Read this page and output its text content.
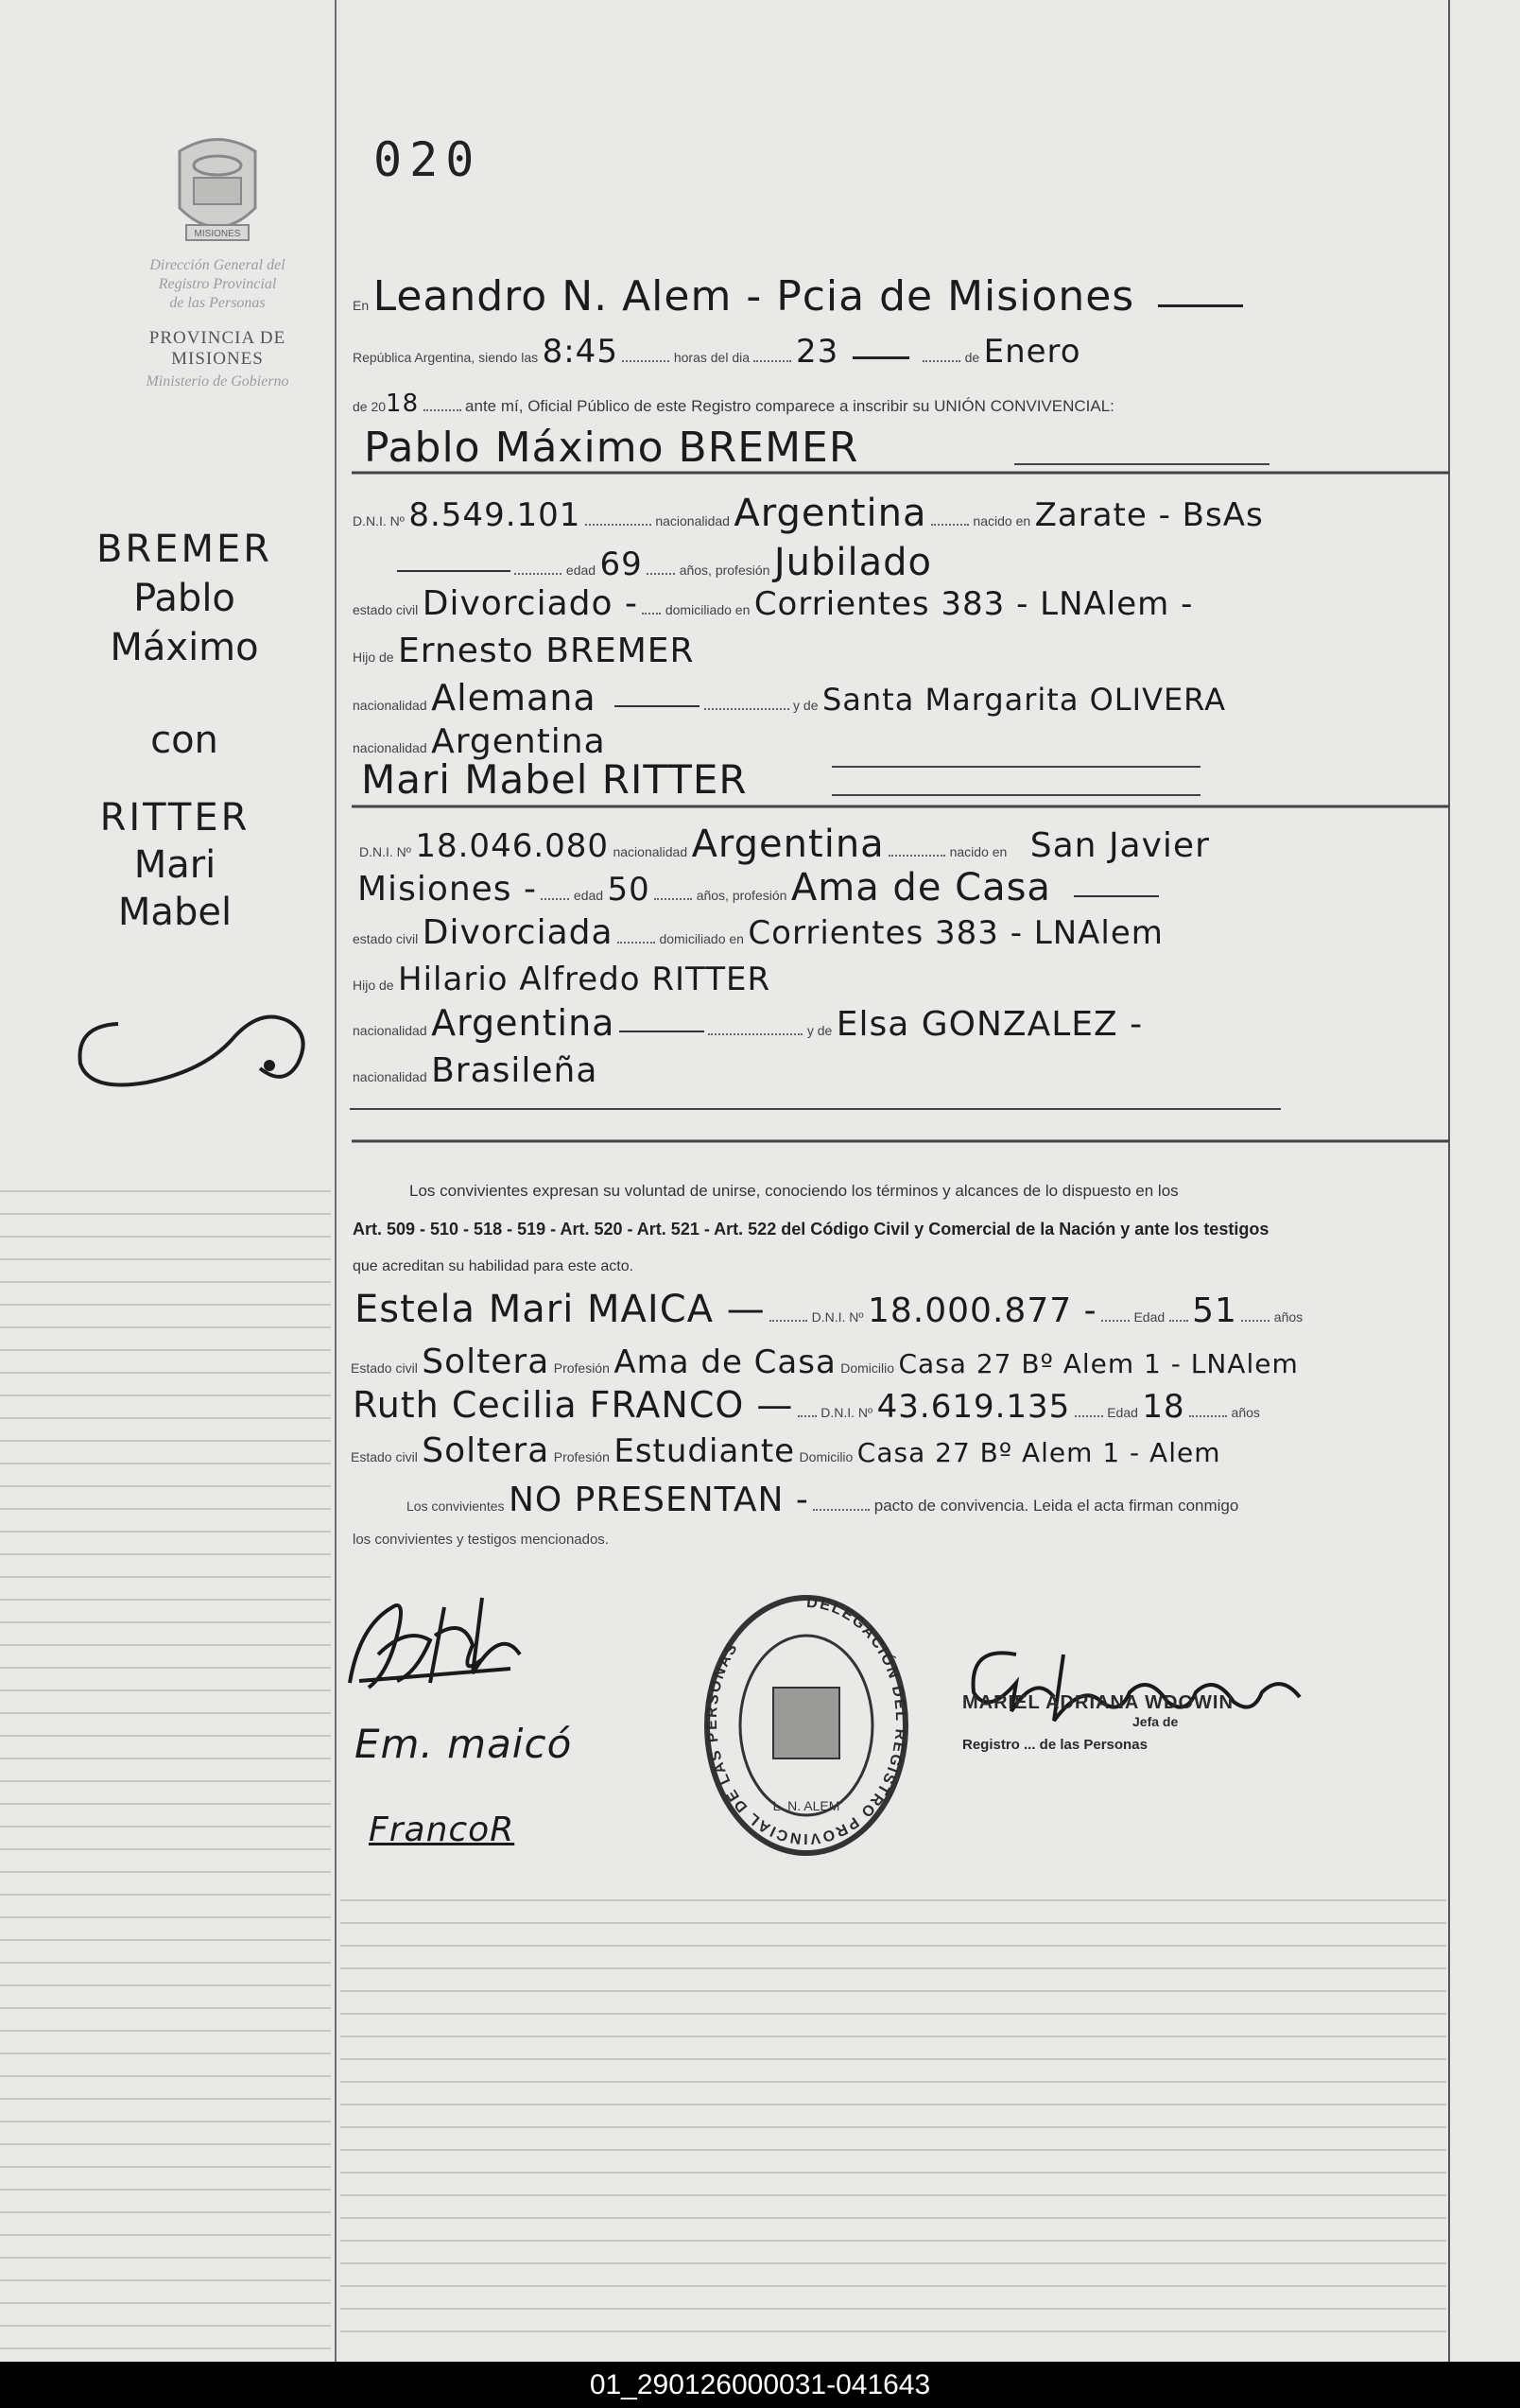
020
MISIONES
Dirección General del
Registro Provincial
de las Personas
PROVINCIA DE
MISIONES
Ministerio de Gobierno
BREMER
Pablo
Máximo
con
RITTER
Mari
Mabel
En Leandro N. Alem - Pcia de Misiones
República Argentina, siendo las 8:45	horas del dia 23	de Enero
de 2018	ante mí, Oficial Público de este Registro comparece a inscribir su UNIÓN CONVIVENCIAL:
Pablo Máximo BREMER
D.N.I. Nº 8.549.101	nacionalidad Argentina	nacido en Zarate - BsAs
edad 69	años, profesión Jubilado
estado civil Divorciado - domiciliado en Corrientes 383 - LNAlem -
Hijo de Ernesto BREMER
nacionalidad Alemana	y de Santa Margarita OLIVERA
nacionalidad Argentina
Mari Mabel RITTER
D.N.I. Nº 18.046.080 nacionalidad Argentina	nacido en San Javier
Misiones -	edad 50	años, profesión Ama de Casa
estado civil Divorciada	domiciliado en Corrientes 383 - LNAlem
Hijo de Hilario Alfredo RITTER
nacionalidad Argentina	y de Elsa GONZALEZ -
nacionalidad Brasileña
Los convivientes expresan su voluntad de unirse, conociendo los términos y alcances de lo dispuesto en los
Art. 509 - 510 - 518 - 519 - Art. 520 - Art. 521 - Art. 522 del Código Civil y Comercial de la Nación y ante los testigos
que acreditan su habilidad para este acto.
Estela Mari MAICA —	D.N.I. Nº 18.000.877 -	Edad 51	años
Estado civil Soltera Profesión Ama de Casa Domicilio Casa 27 Bº Alem 1 - LNAlem
Ruth Cecilia FRANCO — D.N.I. Nº 43.619.135	Edad 18	años
Estado civil Soltera Profesión Estudiante Domicilio Casa 27 Bº Alem 1 - Alem
Los convivientes NO PRESENTAN -	pacto de convivencia. Leida el acta firman conmigo
los convivientes y testigos mencionados.
Em. maicó
FrancoR
DELEGACIÓN DEL REGISTRO PROVINCIAL DE LAS PERSONAS
L. N. ALEM
MARIEL ADRIANA WDOWIN
Jefa de
Registro ... de las Personas
01_290126000031-041643
